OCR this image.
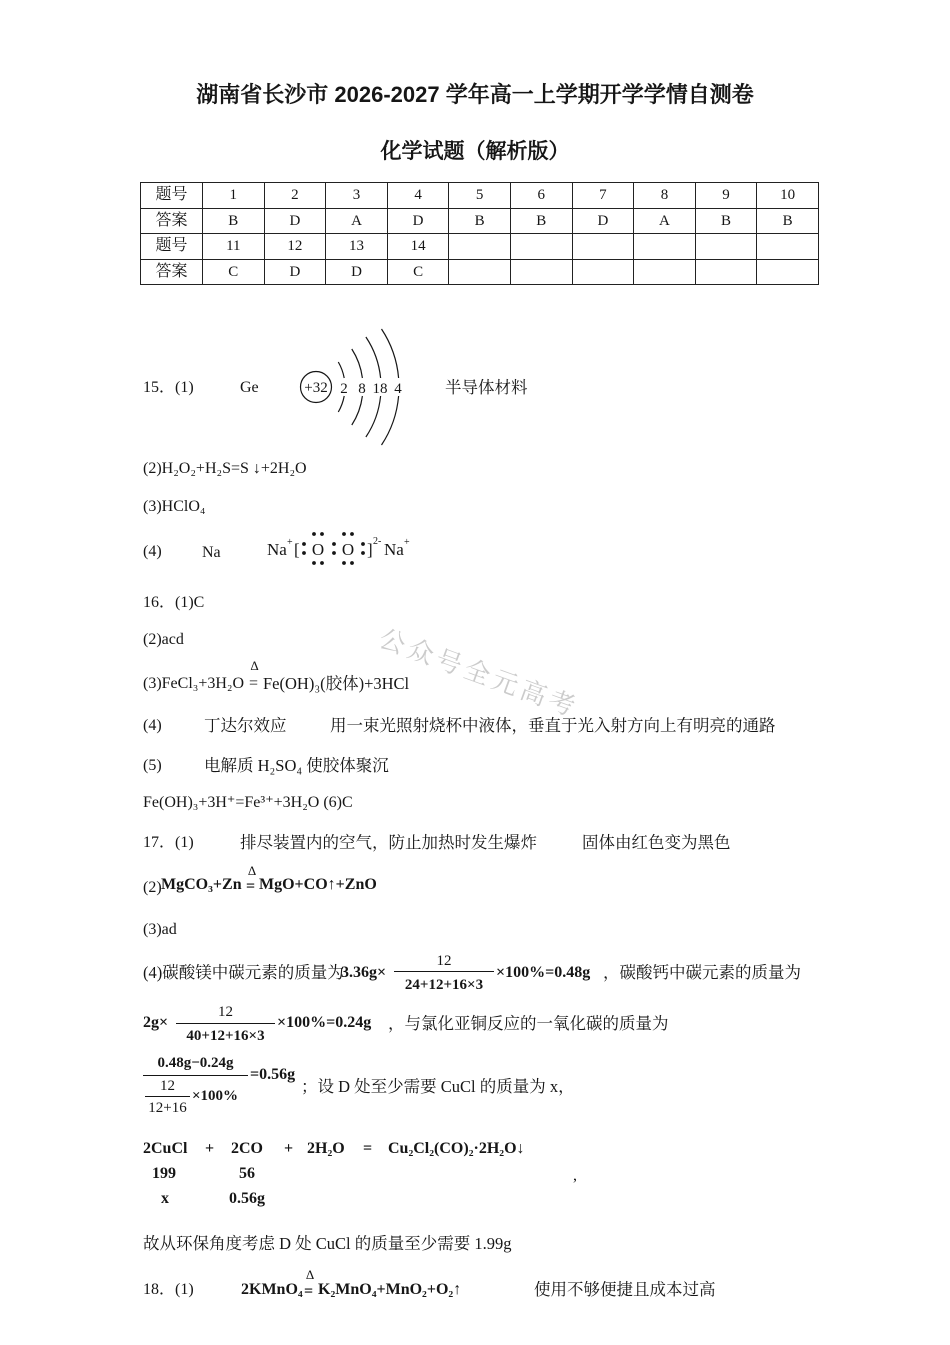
湖南省长沙市 2026-2027 学年高一上学期开学学情自测卷
化学试题（解析版）
题号	1	2	3	4	5	6	7	8	9	10
答案	B	D	A	D	B	B	D	A	B	B
题号	11	12	13	14						
答案	C	D	D	C						
15．(1)	Ge	+32 2 8 18 4	半导体材料
(2)H₂O₂+H₂S=S ↓+2H₂O
(3)HClO₄
(4)	Na	Na + [ O O ] 2- Na +
16．(1)C
(2)acd
(3)FeCl₃+3H₂O
Δ
= Fe(OH)₃(胶体)+3HCl
(4)	丁达尔效应	用一束光照射烧杯中液体，垂直于光入射方向上有明亮的通路
(5)	电解质 H₂SO₄ 使胶体聚沉
Fe(OH)₃+3H⁺=Fe³⁺+3H₂O (6)C
17．(1)	排尽装置内的空气，防止加热时发生爆炸	固体由红色变为黑色
(2) MgCO₃+Zn
Δ
= MgO+CO↑+ZnO
(3)ad
(4)碳酸镁中碳元素的质量为
3.36g×
12
24+12+16×3
×100%=0.48g ，碳酸钙中碳元素的质量为
2g×
12
40+12+16×3
×100%=0.24g ，与氯化亚铜反应的一氧化碳的质量为
0.48g−0.24g
12
12+16
×100%
=0.56g
；设 D 处至少需要 CuCl 的质量为 x，
2CuCl + 2CO + 2H₂O = Cu₂Cl₂(CO)₂·2H₂O↓
199	56	,
x	0.56g
故从环保角度考虑 D 处 CuCl 的质量至少需要 1.99g
18．(1)	2KMnO₄
Δ
= K₂MnO₄+MnO₂+O₂↑	使用不够便捷且成本过高
公众号全元高考
